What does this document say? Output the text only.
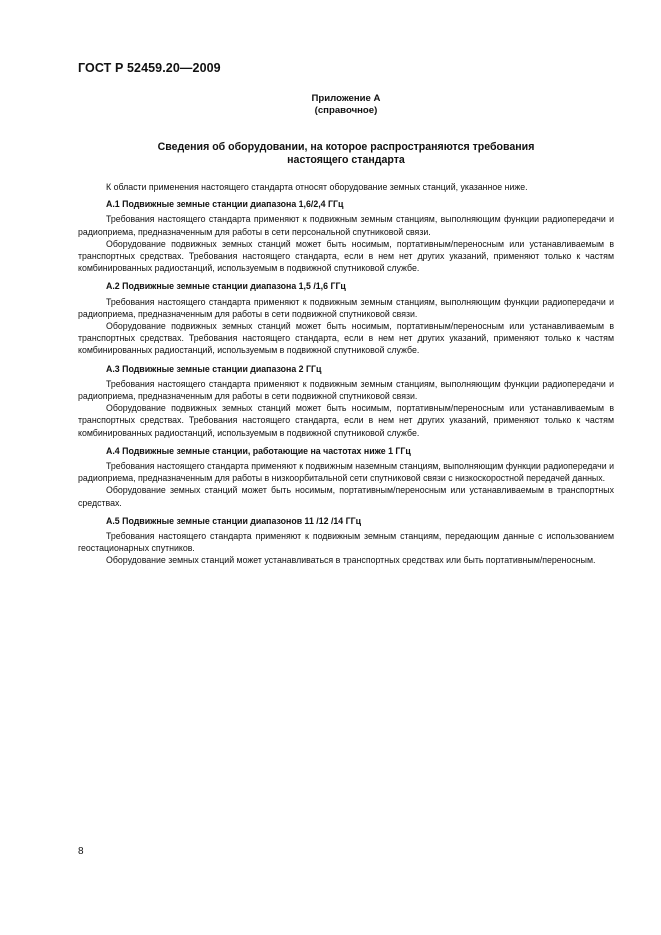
ГОСТ Р 52459.20—2009
Приложение А
(справочное)
Сведения об оборудовании, на которое распространяются требования
настоящего стандарта

К области применения настоящего стандарта относят оборудование земных станций, указанное ниже.

А.1 Подвижные земные станции диапазона 1,6/2,4 ГГц

Требования настоящего стандарта применяют к подвижным земным станциям, выполняющим функции радиопередачи и радиоприема, предназначенным для работы в сети персональной спутниковой связи.

Оборудование подвижных земных станций может быть носимым, портативным/переносным или устанавливаемым в транспортных средствах. Требования настоящего стандарта, если в нем нет других указаний, применяют только к частям комбинированных радиостанций, используемым в подвижной спутниковой службе.

А.2 Подвижные земные станции диапазона 1,5 /1,6 ГГц

Требования настоящего стандарта применяют к подвижным земным станциям, выполняющим функции радиопередачи и радиоприема, предназначенным для работы в сети подвижной спутниковой связи.

Оборудование подвижных земных станций может быть носимым, портативным/переносным или устанавливаемым в транспортных средствах. Требования настоящего стандарта, если в нем нет других указаний, применяют только к частям комбинированных радиостанций, используемым в подвижной спутниковой службе.

А.3 Подвижные земные станции диапазона 2 ГГц

Требования настоящего стандарта применяют к подвижным земным станциям, выполняющим функции радиопередачи и радиоприема, предназначенным для работы в сети подвижной спутниковой связи.

Оборудование подвижных земных станций может быть носимым, портативным/переносным или устанавливаемым в транспортных средствах. Требования настоящего стандарта, если в нем нет других указаний, применяют только к частям комбинированных радиостанций, используемым в подвижной спутниковой службе.

А.4 Подвижные земные станции, работающие на частотах ниже 1 ГГц

Требования настоящего стандарта применяют к подвижным наземным станциям, выполняющим функции радиопередачи и радиоприема, предназначенным для работы в низкоорбитальной сети спутниковой связи с низкоскоростной передачей данных.

Оборудование земных станций может быть носимым, портативным/переносным или устанавливаемым в транспортных средствах.

А.5 Подвижные земные станции диапазонов 11 /12 /14 ГГц

Требования настоящего стандарта применяют к подвижным земным станциям, передающим данные с использованием геостационарных спутников.

Оборудование земных станций может устанавливаться в транспортных средствах или быть портативным/переносным.

8
